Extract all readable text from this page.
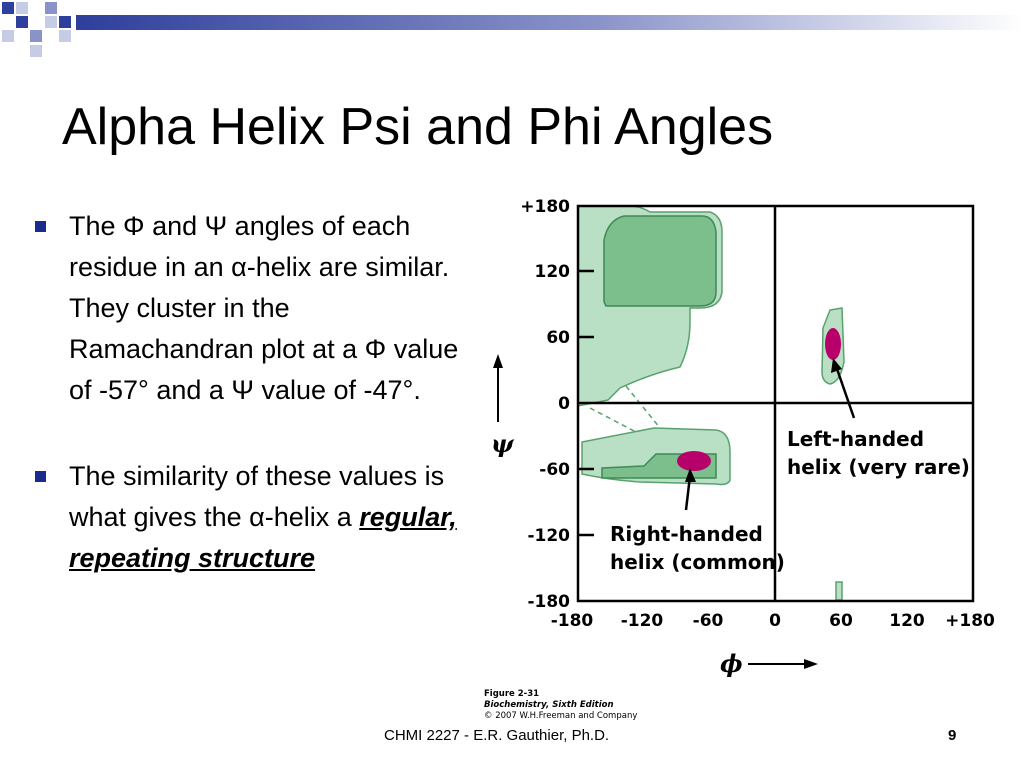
Alpha Helix Psi and Phi Angles
The Φ and Ψ angles of each residue in an α-helix are similar. They cluster in the Ramachandran plot at a Φ value of -57° and a Ψ value of -47°.
The similarity of these values is what gives the α-helix a regular, repeating structure
+180
120
60
0
-60
-120
-180
-180 -120 -60	0	60 120 +180
Left-handed
helix (very rare)
Right-handed
helix (common)
ψ
ϕ
Figure 2-31
Biochemistry, Sixth Edition
© 2007 W.H.Freeman and Company
CHMI 2227 - E.R. Gauthier, Ph.D.	9
